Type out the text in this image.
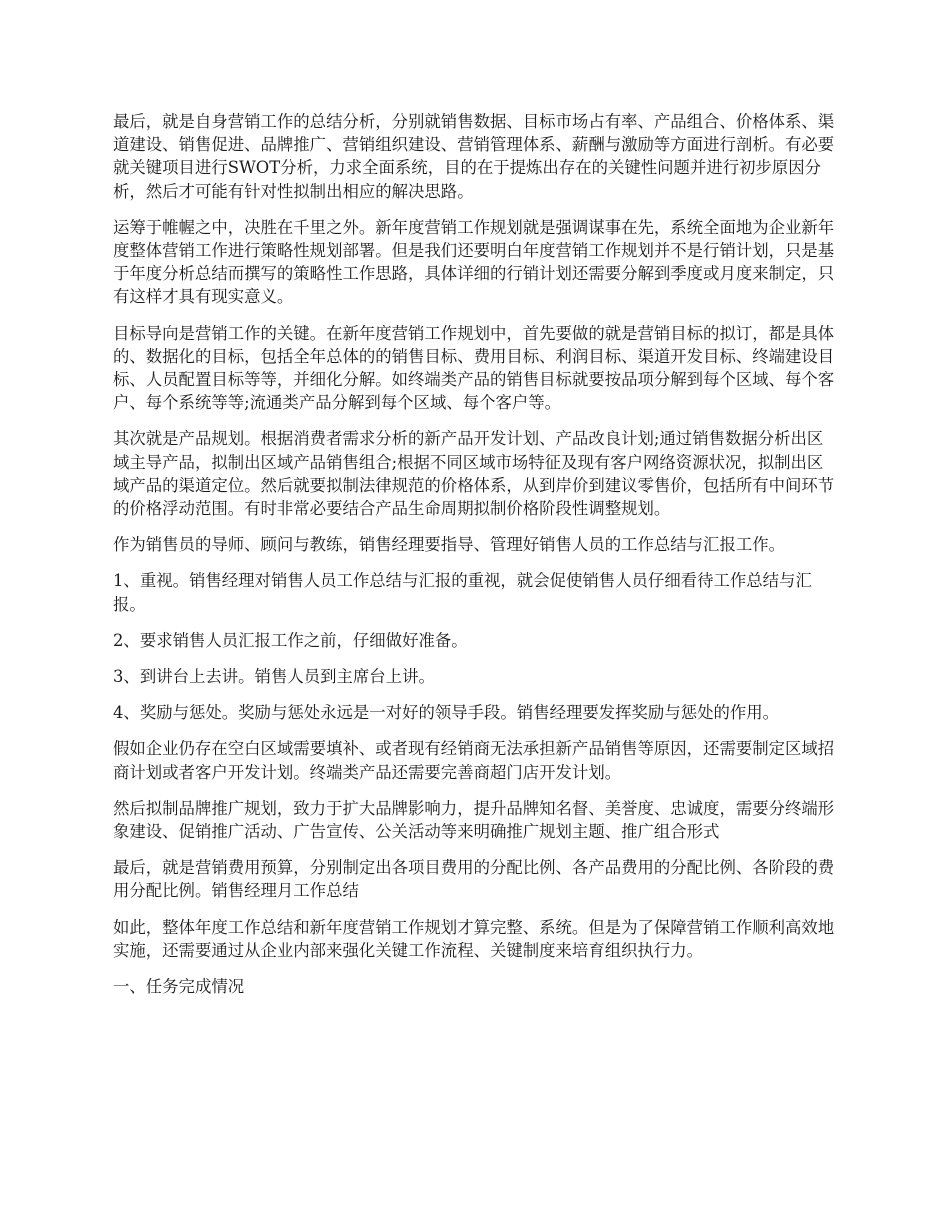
最后，就是自身营销工作的总结分析，分别就销售数据、目标市场占有率、产品组合、价格体系、渠道建设、销售促进、品牌推广、营销组织建设、营销管理体系、薪酬与激励等方面进行剖析。有必要就关键项目进行SWOT分析，力求全面系统，目的在于提炼出存在的关键性问题并进行初步原因分析，然后才可能有针对性拟制出相应的解决思路。

运筹于帷幄之中，决胜在千里之外。新年度营销工作规划就是强调谋事在先，系统全面地为企业新年度整体营销工作进行策略性规划部署。但是我们还要明白年度营销工作规划并不是行销计划，只是基于年度分析总结而撰写的策略性工作思路，具体详细的行销计划还需要分解到季度或月度来制定，只有这样才具有现实意义。

目标导向是营销工作的关键。在新年度营销工作规划中，首先要做的就是营销目标的拟订，都是具体的、数据化的目标，包括全年总体的的销售目标、费用目标、利润目标、渠道开发目标、终端建设目标、人员配置目标等等，并细化分解。如终端类产品的销售目标就要按品项分解到每个区域、每个客户、每个系统等等;流通类产品分解到每个区域、每个客户等。

其次就是产品规划。根据消费者需求分析的新产品开发计划、产品改良计划;通过销售数据分析出区域主导产品，拟制出区域产品销售组合;根据不同区域市场特征及现有客户网络资源状况，拟制出区域产品的渠道定位。然后就要拟制法律规范的价格体系，从到岸价到建议零售价，包括所有中间环节的价格浮动范围。有时非常必要结合产品生命周期拟制价格阶段性调整规划。

作为销售员的导师、顾问与教练，销售经理要指导、管理好销售人员的工作总结与汇报工作。

1、重视。销售经理对销售人员工作总结与汇报的重视，就会促使销售人员仔细看待工作总结与汇报。

2、要求销售人员汇报工作之前，仔细做好准备。

3、到讲台上去讲。销售人员到主席台上讲。

4、奖励与惩处。奖励与惩处永远是一对好的领导手段。销售经理要发挥奖励与惩处的作用。

假如企业仍存在空白区域需要填补、或者现有经销商无法承担新产品销售等原因，还需要制定区域招商计划或者客户开发计划。终端类产品还需要完善商超门店开发计划。

然后拟制品牌推广规划，致力于扩大品牌影响力，提升品牌知名督、美誉度、忠诚度，需要分终端形象建设、促销推广活动、广告宣传、公关活动等来明确推广规划主题、推广组合形式

最后，就是营销费用预算，分别制定出各项目费用的分配比例、各产品费用的分配比例、各阶段的费用分配比例。销售经理月工作总结

如此，整体年度工作总结和新年度营销工作规划才算完整、系统。但是为了保障营销工作顺利高效地实施，还需要通过从企业内部来强化关键工作流程、关键制度来培育组织执行力。

一、任务完成情况
